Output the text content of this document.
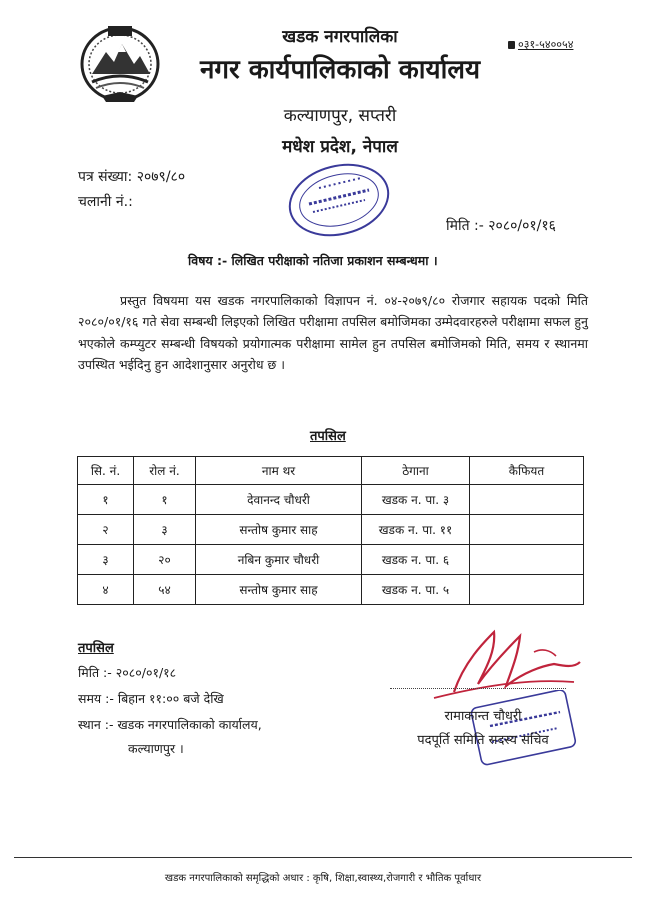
खडक नगरपालिका
नगर कार्यपालिकाको कार्यालय
कल्याणपुर, सप्तरी
मधेश प्रदेश, नेपाल
०३१-५४००५४
पत्र संख्या: २०७९/८०
चलानी नं.:
मिति :- २०८०/०१/१६
विषय :- लिखित परीक्षाको नतिजा प्रकाशन सम्बन्धमा ।

प्रस्तुत विषयमा यस खडक नगरपालिकाको विज्ञापन नं. ०४-२०७९/८० रोजगार सहायक पदको मिति २०८०/०१/१६ गते सेवा सम्बन्धी लिइएको लिखित परीक्षामा तपसिल बमोजिमका उम्मेदवारहरुले परीक्षामा सफल हुनु भएकोले कम्प्युटर सम्बन्धी विषयको प्रयोगात्मक परीक्षामा सामेल हुन तपसिल बमोजिमको मिति, समय र स्थानमा उपस्थित भईदिनु हुन आदेशानुसार अनुरोध छ ।

तपसिल
सि. नं.	रोल नं.	नाम थर	ठेगाना	कैफियत
१	१	देवानन्द चौधरी	खडक न. पा. ३	
२	३	सन्तोष कुमार साह	खडक न. पा. ११	
३	२०	नबिन कुमार चौधरी	खडक न. पा. ६	
४	५४	सन्तोष कुमार साह	खडक न. पा. ५	
तपसिल
मिति :- २०८०/०१/१८
समय :- बिहान ११:०० बजे देखि
स्थान :- खडक नगरपालिकाको कार्यालय,
कल्याणपुर ।
रामाकान्त चौधरी
पदपूर्ति समिति सदस्य सचिव
खडक नगरपालिकाको समृद्धिको अधार : कृषि, शिक्षा,स्वास्थ्य,रोजगारी र भौतिक पूर्वाधार
